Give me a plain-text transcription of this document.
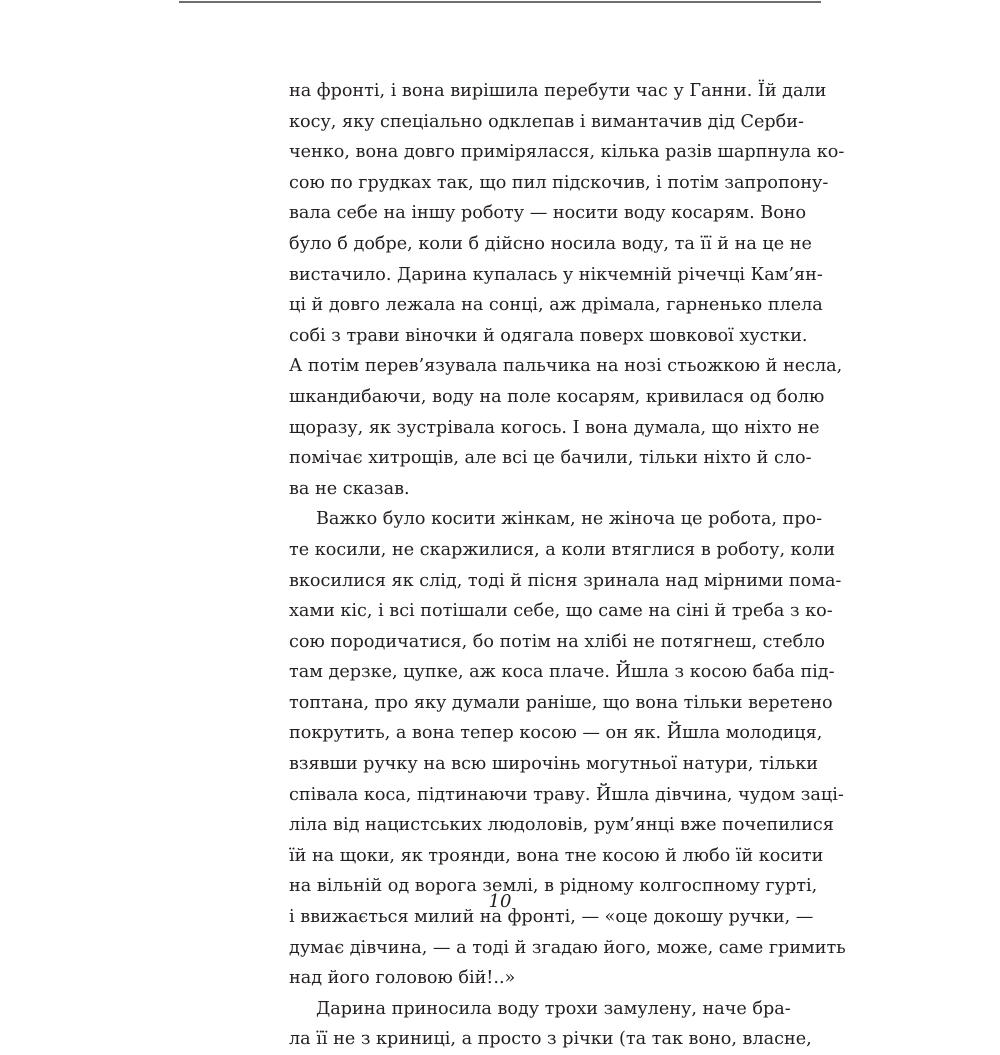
на фронті, і вона вирішила перебути час у Ганни. Їй дали
косу, яку спеціально одклепав і вимантачив дід Серби-
ченко, вона довго приміряласся, кілька разів шарпнула ко-
сою по грудках так, що пил підскочив, і потім запропону-
вала себе на іншу роботу — носити воду косарям. Воно
було б добре, коли б дійсно носила воду, та її й на це не
вистачило. Дарина купалась у нікчемній річечці Кам’ян-
ці й довго лежала на сонці, аж дрімала, гарненько плела
собі з трави віночки й одягала поверх шовкової хустки.
А потім перев’язувала пальчика на нозі стьожкою й несла,
шкандибаючи, воду на поле косарям, кривилася од болю
щоразу, як зустрівала когось. І вона думала, що ніхто не
помічає хитрощів, але всі це бачили, тільки ніхто й сло-
ва не сказав.
Важко було косити жінкам, не жіноча це робота, про-
те косили, не скаржилися, а коли втяглися в роботу, коли
вкосилися як слід, тоді й пісня зринала над мірними пома-
хами кіс, і всі потішали себе, що саме на сіні й треба з ко-
сою породичатися, бо потім на хлібі не потягнеш, стебло
там дерзке, цупке, аж коса плаче. Йшла з косою баба під-
топтана, про яку думали раніше, що вона тільки веретено
покрутить, а вона тепер косою — он як. Йшла молодиця,
взявши ручку на всю широчінь могутньої натури, тільки
співала коса, підтинаючи траву. Йшла дівчина, чудом заці-
ліла від нацистських людоловів, рум’янці вже почепилися
їй на щоки, як троянди, вона тне косою й любо їй косити
на вільній од ворога землі, в рідному колгоспному гурті,
і ввижається милий на фронті, — «оце докошу ручки, —
думає дівчина, — а тоді й згадаю його, може, саме гримить
над його головою бій!..»
Дарина приносила воду трохи замулену, наче бра-
ла її не з криниці, а просто з річки (та так воно, власне,
10
